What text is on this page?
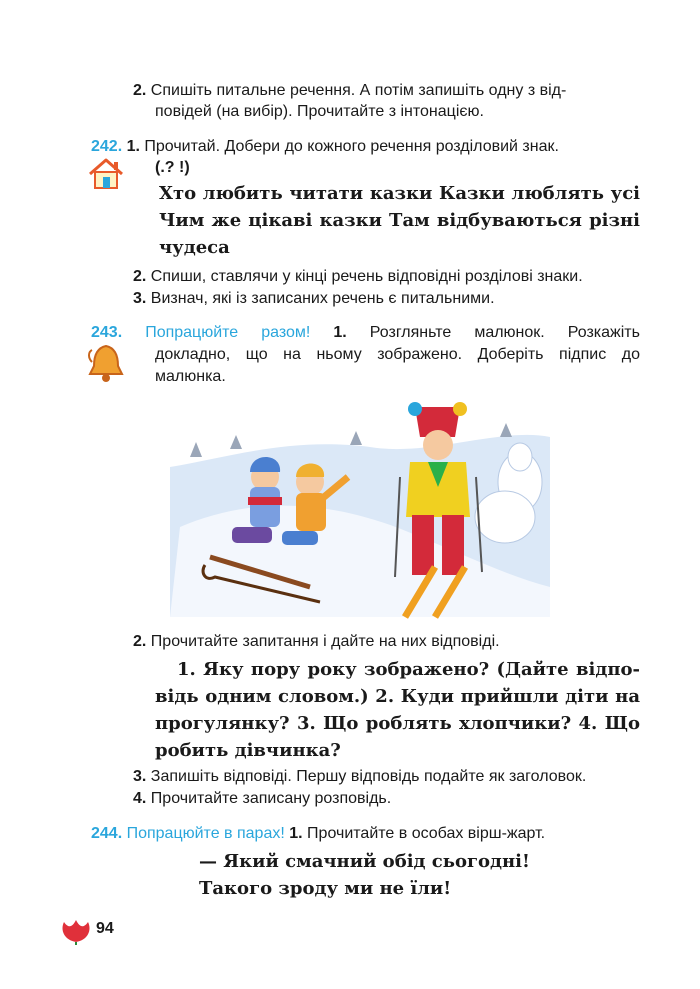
2. Спишіть питальне речення. А потім запишіть одну з від-
повідей (на вибір). Прочитайте з інтонацією.
242. 1. Прочитай. Добери до кожного речення розділовий знак.
(.? !)
Хто любить читати казки Казки люблять усі
Чим же цікаві казки Там відбуваються різні
чудеса
2. Спиши, ставлячи у кінці речень відповідні розділові знаки.
3. Визнач, які із записаних речень є питальними.
243. Попрацюйте разом! 1. Розгляньте малюнок. Розкажіть
докладно, що на ньому зображено. Доберіть підпис до
малюнка.
2. Прочитайте запитання і дайте на них відповіді.
1. Яку пору року зображено? (Дайте відпо-
відь одним словом.) 2. Куди прийшли діти на
прогулянку? 3. Що роблять хлопчики? 4. Що
робить дівчинка?
3. Запишіть відповіді. Першу відповідь подайте як заголовок.
4. Прочитайте записану розповідь.
244. Попрацюйте в парах! 1. Прочитайте в особах вірш-жарт.
— Який смачний обід сьогодні!
Такого зроду ми не їли!
94
